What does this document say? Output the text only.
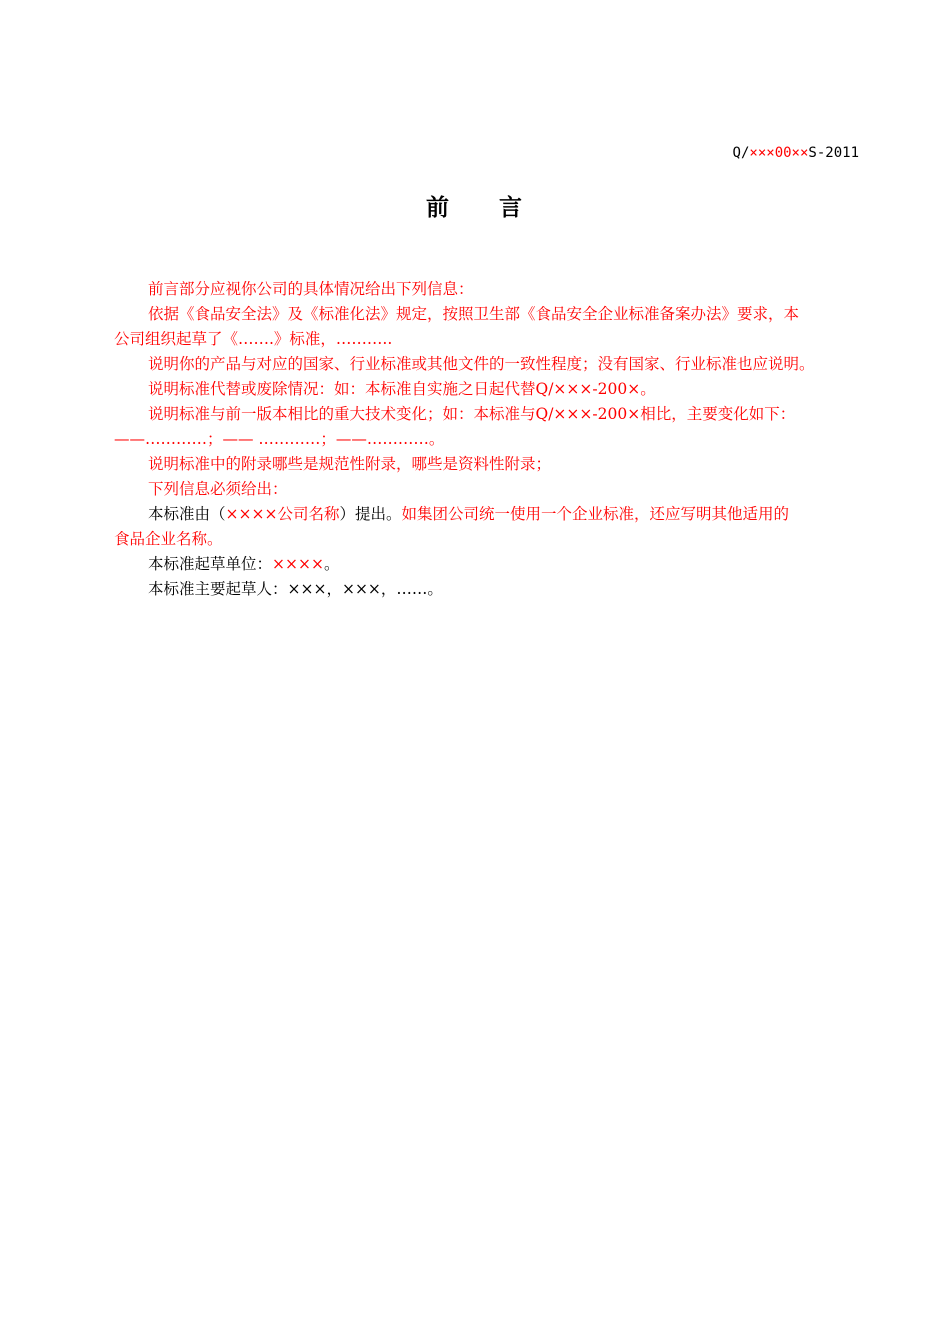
Q/×××00××S-2011
前 言

前言部分应视你公司的具体情况给出下列信息：

依据《食品安全法》及《标准化法》规定，按照卫生部《食品安全企业标准备案办法》要求，本

公司组织起草了《…….》标准，………..

说明你的产品与对应的国家、行业标准或其他文件的一致性程度；没有国家、行业标准也应说明。

说明标准代替或废除情况：如：本标准自实施之日起代替Q/×××-200×。

说明标准与前一版本相比的重大技术变化；如：本标准与Q/×××-200×相比，主要变化如下：

——…………；—— …………；——…………。

说明标准中的附录哪些是规范性附录，哪些是资料性附录；

下列信息必须给出：

本标准由（××××公司名称）提出。如集团公司统一使用一个企业标准，还应写明其他适用的

食品企业名称。

本标准起草单位：××××。

本标准主要起草人：×××，×××，……。
